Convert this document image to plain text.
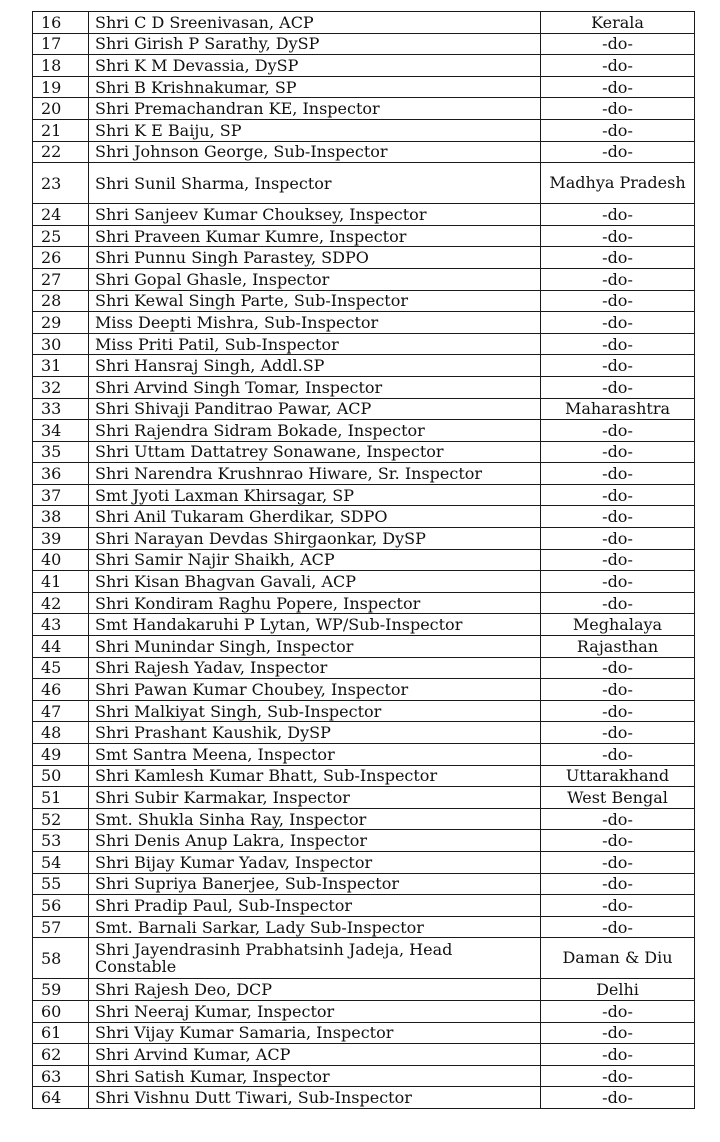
16	Shri C D Sreenivasan, ACP	Kerala
17	Shri Girish P Sarathy, DySP	-do-
18	Shri K M Devassia, DySP	-do-
19	Shri B Krishnakumar, SP	-do-
20	Shri Premachandran KE, Inspector	-do-
21	Shri K E Baiju, SP	-do-
22	Shri Johnson George, Sub-Inspector	-do-
23	Shri Sunil Sharma, Inspector	Madhya Pradesh
24	Shri Sanjeev Kumar Chouksey, Inspector	-do-
25	Shri Praveen Kumar Kumre, Inspector	-do-
26	Shri Punnu Singh Parastey, SDPO	-do-
27	Shri Gopal Ghasle, Inspector	-do-
28	Shri Kewal Singh Parte, Sub-Inspector	-do-
29	Miss Deepti Mishra, Sub-Inspector	-do-
30	Miss Priti Patil, Sub-Inspector	-do-
31	Shri Hansraj Singh, Addl.SP	-do-
32	Shri Arvind Singh Tomar, Inspector	-do-
33	Shri Shivaji Panditrao Pawar, ACP	Maharashtra
34	Shri Rajendra Sidram Bokade, Inspector	-do-
35	Shri Uttam Dattatrey Sonawane, Inspector	-do-
36	Shri Narendra Krushnrao Hiware, Sr. Inspector	-do-
37	Smt Jyoti Laxman Khirsagar, SP	-do-
38	Shri Anil Tukaram Gherdikar, SDPO	-do-
39	Shri Narayan Devdas Shirgaonkar, DySP	-do-
40	Shri Samir Najir Shaikh, ACP	-do-
41	Shri Kisan Bhagvan Gavali, ACP	-do-
42	Shri Kondiram Raghu Popere, Inspector	-do-
43	Smt Handakaruhi P Lytan, WP/Sub-Inspector	Meghalaya
44	Shri Munindar Singh, Inspector	Rajasthan
45	Shri Rajesh Yadav, Inspector	-do-
46	Shri Pawan Kumar Choubey, Inspector	-do-
47	Shri Malkiyat Singh, Sub-Inspector	-do-
48	Shri Prashant Kaushik, DySP	-do-
49	Smt Santra Meena, Inspector	-do-
50	Shri Kamlesh Kumar Bhatt, Sub-Inspector	Uttarakhand
51	Shri Subir Karmakar, Inspector	West Bengal
52	Smt. Shukla Sinha Ray, Inspector	-do-
53	Shri Denis Anup Lakra, Inspector	-do-
54	Shri Bijay Kumar Yadav, Inspector	-do-
55	Shri Supriya Banerjee, Sub-Inspector	-do-
56	Shri Pradip Paul, Sub-Inspector	-do-
57	Smt. Barnali Sarkar, Lady Sub-Inspector	-do-
58	Shri Jayendrasinh Prabhatsinh Jadeja, Head Constable	Daman & Diu
59	Shri Rajesh Deo, DCP	Delhi
60	Shri Neeraj Kumar, Inspector	-do-
61	Shri Vijay Kumar Samaria, Inspector	-do-
62	Shri Arvind Kumar, ACP	-do-
63	Shri Satish Kumar, Inspector	-do-
64	Shri Vishnu Dutt Tiwari, Sub-Inspector	-do-
